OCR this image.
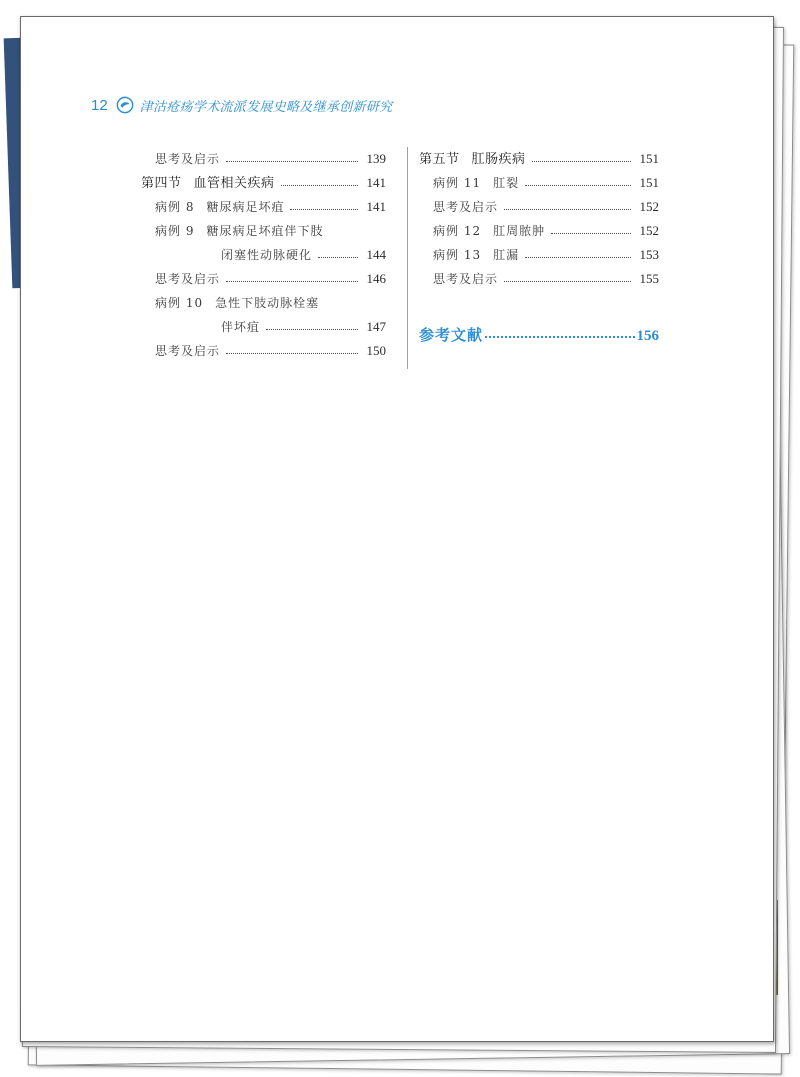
12 津沽疮疡学术流派发展史略及继承创新研究
思考及启示	139
第四节 血管相关疾病	141
病例 8 糖尿病足坏疽	141
病例 9 糖尿病足坏疽伴下肢
闭塞性动脉硬化	144
思考及启示	146
病例 10 急性下肢动脉栓塞
伴坏疽	147
思考及启示	150
第五节 肛肠疾病	151
病例 11 肛裂	151
思考及启示	152
病例 12 肛周脓肿	152
病例 13 肛漏	153
思考及启示	155
参考文献	156
